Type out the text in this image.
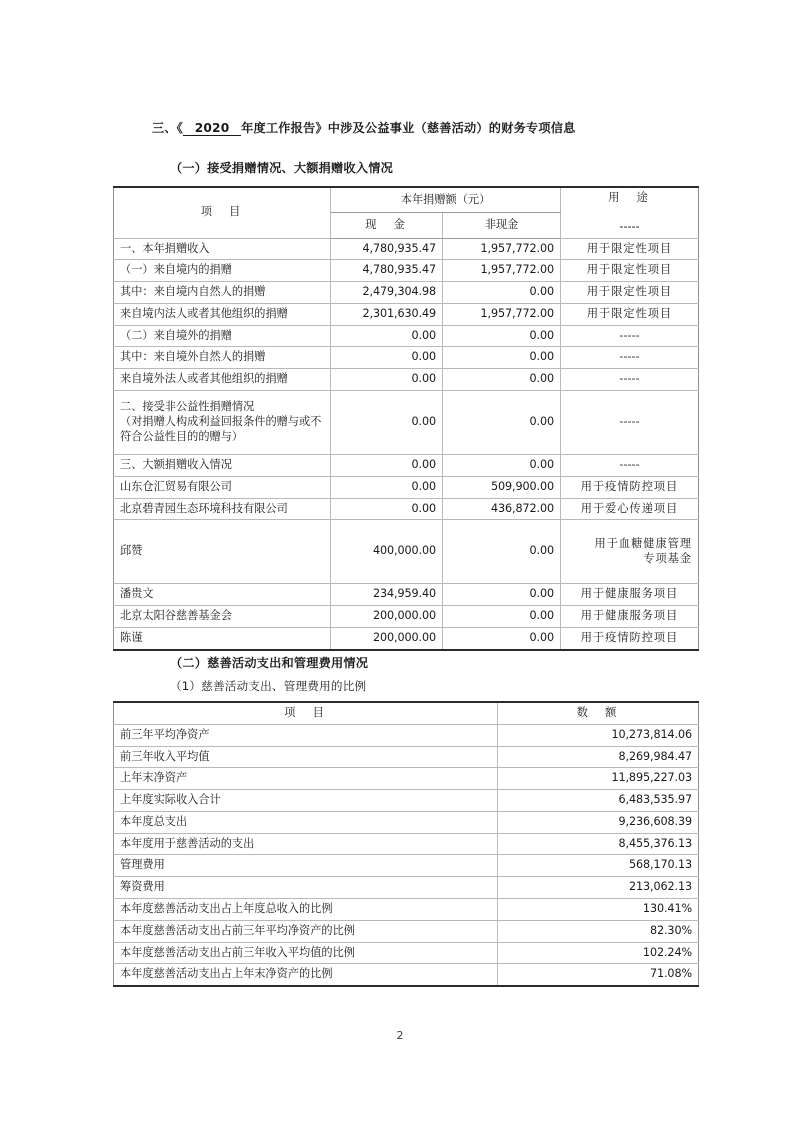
三、《 2020 年度工作报告》中涉及公益事业（慈善活动）的财务专项信息
（一）接受捐赠情况、大额捐赠收入情况
项　目	本年捐赠额（元）		用　途
-----

	现　金	非现金	

一、本年捐赠收入	4,780,935.47	1,957,772.00	用于限定性项目

（一）来自境内的捐赠	4,780,935.47	1,957,772.00	用于限定性项目

其中：来自境内自然人的捐赠	2,479,304.98	0.00	用于限定性项目

来自境内法人或者其他组织的捐赠	2,301,630.49	1,957,772.00	用于限定性项目

（二）来自境外的捐赠	0.00	0.00	-----

其中：来自境外自然人的捐赠	0.00	0.00	-----

来自境外法人或者其他组织的捐赠	0.00	0.00	-----

二、接受非公益性捐赠情况
（对捐赠人构成利益回报条件的赠与或不符合公益性目的的赠与）	0.00	0.00	-----

三、大额捐赠收入情况	0.00	0.00	-----

山东仓汇贸易有限公司	0.00	509,900.00	用于疫情防控项目

北京碧青园生态环境科技有限公司	0.00	436,872.00	用于爱心传递项目

邱赞	400,000.00	0.00	用于血糖健康管理
专项基金

潘贵文	234,959.40	0.00	用于健康服务项目

北京太阳谷慈善基金会	200,000.00	0.00	用于健康服务项目

陈谨	200,000.00	0.00	用于疫情防控项目
（二）慈善活动支出和管理费用情况
（1）慈善活动支出、管理费用的比例
项　目	数　额
前三年平均净资产	10,273,814.06
前三年收入平均值	8,269,984.47
上年末净资产	11,895,227.03
上年度实际收入合计	6,483,535.97
本年度总支出	9,236,608.39
本年度用于慈善活动的支出	8,455,376.13
管理费用	568,170.13
筹资费用	213,062.13
本年度慈善活动支出占上年度总收入的比例	130.41%
本年度慈善活动支出占前三年平均净资产的比例	82.30%
本年度慈善活动支出占前三年收入平均值的比例	102.24%
本年度慈善活动支出占上年末净资产的比例	71.08%
2
